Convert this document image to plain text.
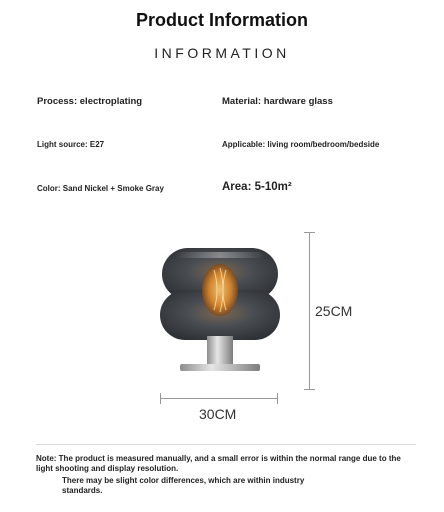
Product Information
INFORMATION
Process: electroplating	Material: hardware glass
Light source: E27	Applicable: living room/bedroom/bedside
Color: Sand Nickel + Smoke Gray	Area: 5-10m²
25CM
30CM
Note: The product is measured manually, and a small error is within the normal range due to the light shooting and display resolution.
There may be slight color differences, which are within industry standards.
